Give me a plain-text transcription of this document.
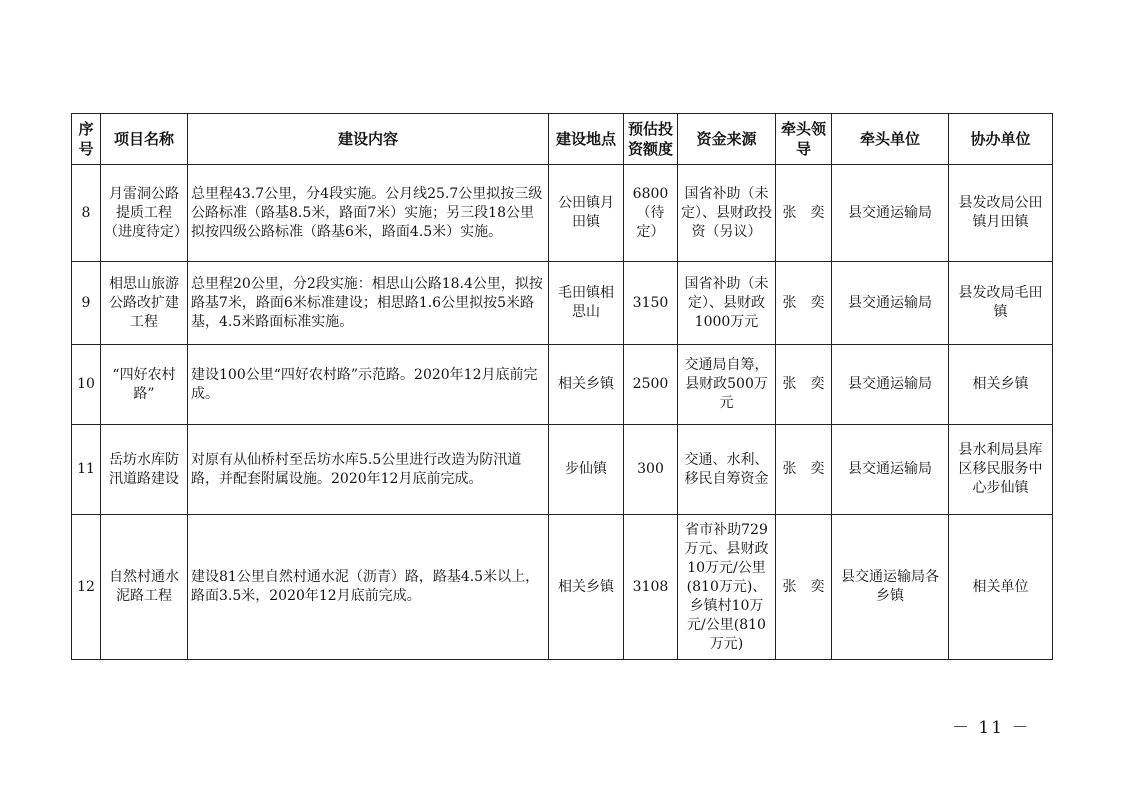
序号	项目名称	建设内容	建设地点	预估投资额度	资金来源	牵头领导	牵头单位	协办单位
8	月雷洞公路提质工程（进度待定）	总里程43.7公里，分4段实施。公月线25.7公里拟按三级公路标准（路基8.5米，路面7米）实施；另三段18公里拟按四级公路标准（路基6米，路面4.5米）实施。	公田镇月田镇	6800（待定）	国省补助（未定）、县财政投资（另议）	张　奕	县交通运输局	县发改局公田镇月田镇
9	相思山旅游公路改扩建工程	总里程20公里，分2段实施：相思山公路18.4公里，拟按路基7米，路面6米标准建设；相思路1.6公里拟按5米路基，4.5米路面标准实施。	毛田镇相思山	3150	国省补助（未定）、县财政1000万元	张　奕	县交通运输局	县发改局毛田镇
10	“四好农村路”	建设100公里“四好农村路”示范路。2020年12月底前完成。	相关乡镇	2500	交通局自筹，县财政500万元	张　奕	县交通运输局	相关乡镇
11	岳坊水库防汛道路建设	对原有从仙桥村至岳坊水库5.5公里进行改造为防汛道路，并配套附属设施。2020年12月底前完成。	步仙镇	300	交通、水利、移民自筹资金	张　奕	县交通运输局	县水利局县库区移民服务中心步仙镇
12	自然村通水泥路工程	建设81公里自然村通水泥（沥青）路，路基4.5米以上，路面3.5米，2020年12月底前完成。	相关乡镇	3108	省市补助729万元、县财政10万元/公里(810万元)、乡镇村10万元/公里(810万元)	张　奕	县交通运输局各乡镇	相关单位
－ 11 －
